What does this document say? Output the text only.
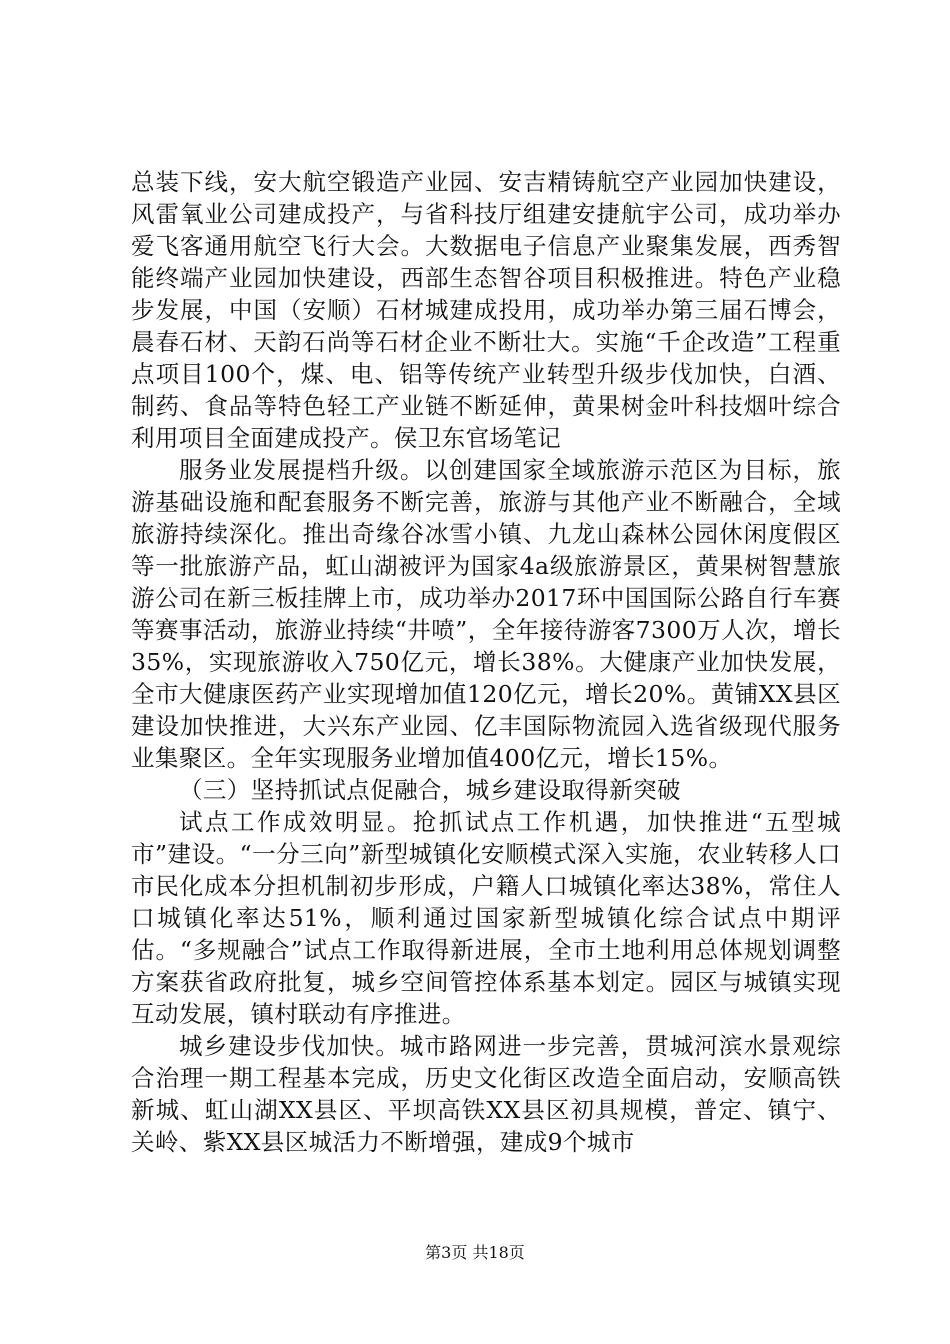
总装下线，安大航空锻造产业园、安吉精铸航空产业园加快建设，风雷氧业公司建成投产，与省科技厅组建安捷航宇公司，成功举办爱飞客通用航空飞行大会。大数据电子信息产业聚集发展，西秀智能终端产业园加快建设，西部生态智谷项目积极推进。特色产业稳步发展，中国（安顺）石材城建成投用，成功举办第三届石博会，晨春石材、天韵石尚等石材企业不断壮大。实施“千企改造”工程重点项目100个，煤、电、铝等传统产业转型升级步伐加快，白酒、制药、食品等特色轻工产业链不断延伸，黄果树金叶科技烟叶综合利用项目全面建成投产。侯卫东官场笔记

服务业发展提档升级。以创建国家全域旅游示范区为目标，旅游基础设施和配套服务不断完善，旅游与其他产业不断融合，全域旅游持续深化。推出奇缘谷冰雪小镇、九龙山森林公园休闲度假区等一批旅游产品，虹山湖被评为国家4a级旅游景区，黄果树智慧旅游公司在新三板挂牌上市，成功举办2017环中国国际公路自行车赛等赛事活动，旅游业持续“井喷”，全年接待游客7300万人次，增长35%，实现旅游收入750亿元，增长38%。大健康产业加快发展，全市大健康医药产业实现增加值120亿元，增长20%。黄铺XX县区建设加快推进，大兴东产业园、亿丰国际物流园入选省级现代服务业集聚区。全年实现服务业增加值400亿元，增长15%。

（三）坚持抓试点促融合，城乡建设取得新突破

试点工作成效明显。抢抓试点工作机遇，加快推进“五型城市”建设。“一分三向”新型城镇化安顺模式深入实施，农业转移人口市民化成本分担机制初步形成，户籍人口城镇化率达38%，常住人口城镇化率达51%，顺利通过国家新型城镇化综合试点中期评估。“多规融合”试点工作取得新进展，全市土地利用总体规划调整方案获省政府批复，城乡空间管控体系基本划定。园区与城镇实现互动发展，镇村联动有序推进。

城乡建设步伐加快。城市路网进一步完善，贯城河滨水景观综合治理一期工程基本完成，历史文化街区改造全面启动，安顺高铁新城、虹山湖XX县区、平坝高铁XX县区初具规模，普定、镇宁、关岭、紫XX县区城活力不断增强，建成9个城市

第3页 共18页
